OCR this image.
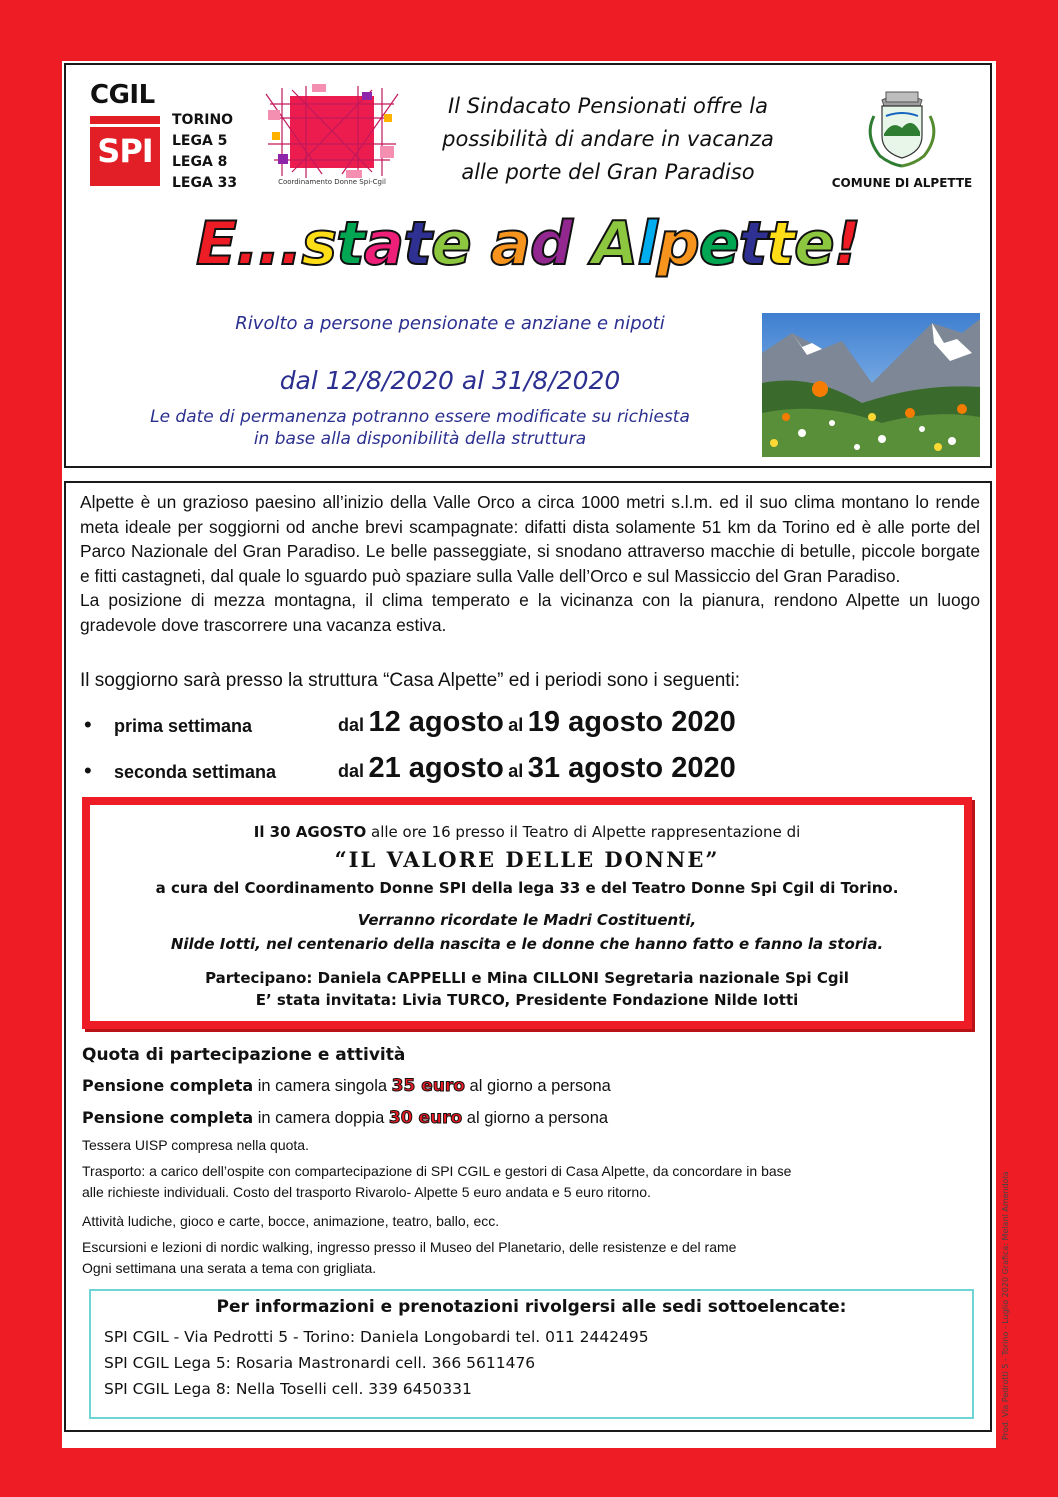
CGIL
SPI
TORINO
LEGA 5
LEGA 8
LEGA 33	Coordinamento Donne Spi-Cgil
Il Sindacato Pensionati offre la
possibilità di andare in vacanza
alle porte del Gran Paradiso	COMUNE DI ALPETTE
E...state ad Alpette!
Rivolto a persone pensionate e anziane e nipoti
dal 12/8/2020 al 31/8/2020
Le date di permanenza potranno essere modificate su richiesta
in base alla disponibilità della struttura

Alpette è un grazioso paesino all’inizio della Valle Orco a circa 1000 metri s.l.m. ed il suo clima montano lo rende meta ideale per soggiorni od anche brevi scampagnate: difatti dista solamente 51 km da Torino ed è alle porte del Parco Nazionale del Gran Paradiso. Le belle passeggiate, si snodano attraverso macchie di betulle, piccole borgate e fitti castagneti, dal quale lo sguardo può spaziare sulla Valle dell’Orco e sul Massiccio del Gran Paradiso.

La posizione di mezza montagna, il clima temperato e la vicinanza con la pianura, rendono Alpette un luogo gradevole dove trascorrere una vacanza estiva.

Il soggiorno sarà presso la struttura “Casa Alpette” ed i periodi sono i seguenti:
• prima settimana	dal 12 agosto al 19 agosto 2020
• seconda settimana	dal 21 agosto al 31 agosto 2020
Il 30 AGOSTO alle ore 16 presso il Teatro di Alpette rappresentazione di
“IL VALORE DELLE DONNE”
a cura del Coordinamento Donne SPI della lega 33 e del Teatro Donne Spi Cgil di Torino.
Verranno ricordate le Madri Costituenti,
Nilde Iotti, nel centenario della nascita e le donne che hanno fatto e fanno la storia.
Partecipano: Daniela CAPPELLI e Mina CILLONI Segretaria nazionale Spi Cgil
E’ stata invitata: Livia TURCO, Presidente Fondazione Nilde Iotti
Quota di partecipazione e attività
Pensione completa in camera singola 35 euro al giorno a persona
Pensione completa in camera doppia 30 euro al giorno a persona
Tessera UISP compresa nella quota.
Trasporto: a carico dell’ospite con compartecipazione di SPI CGIL e gestori di Casa Alpette, da concordare in base
alle richieste individuali. Costo del trasporto Rivarolo- Alpette 5 euro andata e 5 euro ritorno.
Attività ludiche, gioco e carte, bocce, animazione, teatro, ballo, ecc.
Escursioni e lezioni di nordic walking, ingresso presso il Museo del Planetario, delle resistenze e del rame
Ogni settimana una serata a tema con grigliata.
Per informazioni e prenotazioni rivolgersi alle sedi sottoelencate:
SPI CGIL - Via Pedrotti 5 - Torino: Daniela Longobardi tel. 011 2442495
SPI CGIL Lega 5: Rosaria Mastronardi cell. 366 5611476
SPI CGIL Lega 8: Nella Toselli cell. 339 6450331	Prod. Via Pedrotti 5 - Torino - Luglio 2020 Grafica: Melani Amendola
